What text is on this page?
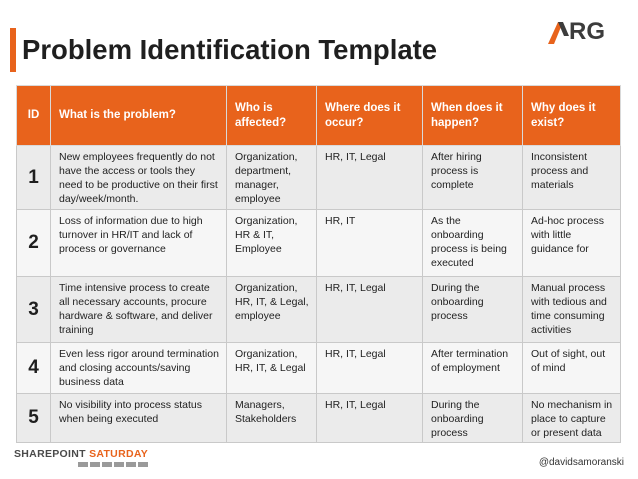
Problem Identification Template
RG
ID	What is the problem?	Who is affected?	Where does it occur?	When does it happen?	Why does it exist?
1	New employees frequently do not have the access or tools they need to be productive on their first day/week/month.	Organization, department, manager, employee	HR, IT, Legal	After hiring process is complete	Inconsistent process and materials
2	Loss of information due to high turnover in HR/IT and lack of process or governance	Organization, HR & IT, Employee	HR, IT	As the onboarding process is being executed	Ad-hoc process with little guidance for
3	Time intensive process to create all necessary accounts, procure hardware & software, and deliver training	Organization, HR, IT, & Legal, employee	HR, IT, Legal	During the onboarding process	Manual process with tedious and time consuming activities
4	Even less rigor around termination and closing accounts/saving business data	Organization, HR, IT, & Legal	HR, IT, Legal	After termination of employment	Out of sight, out of mind
5	No visibility into process status when being executed	Managers, Stakeholders	HR, IT, Legal	During the onboarding process	No mechanism in place to capture or present data
SHAREPOINT SATURDAY
@davidsamoranski
